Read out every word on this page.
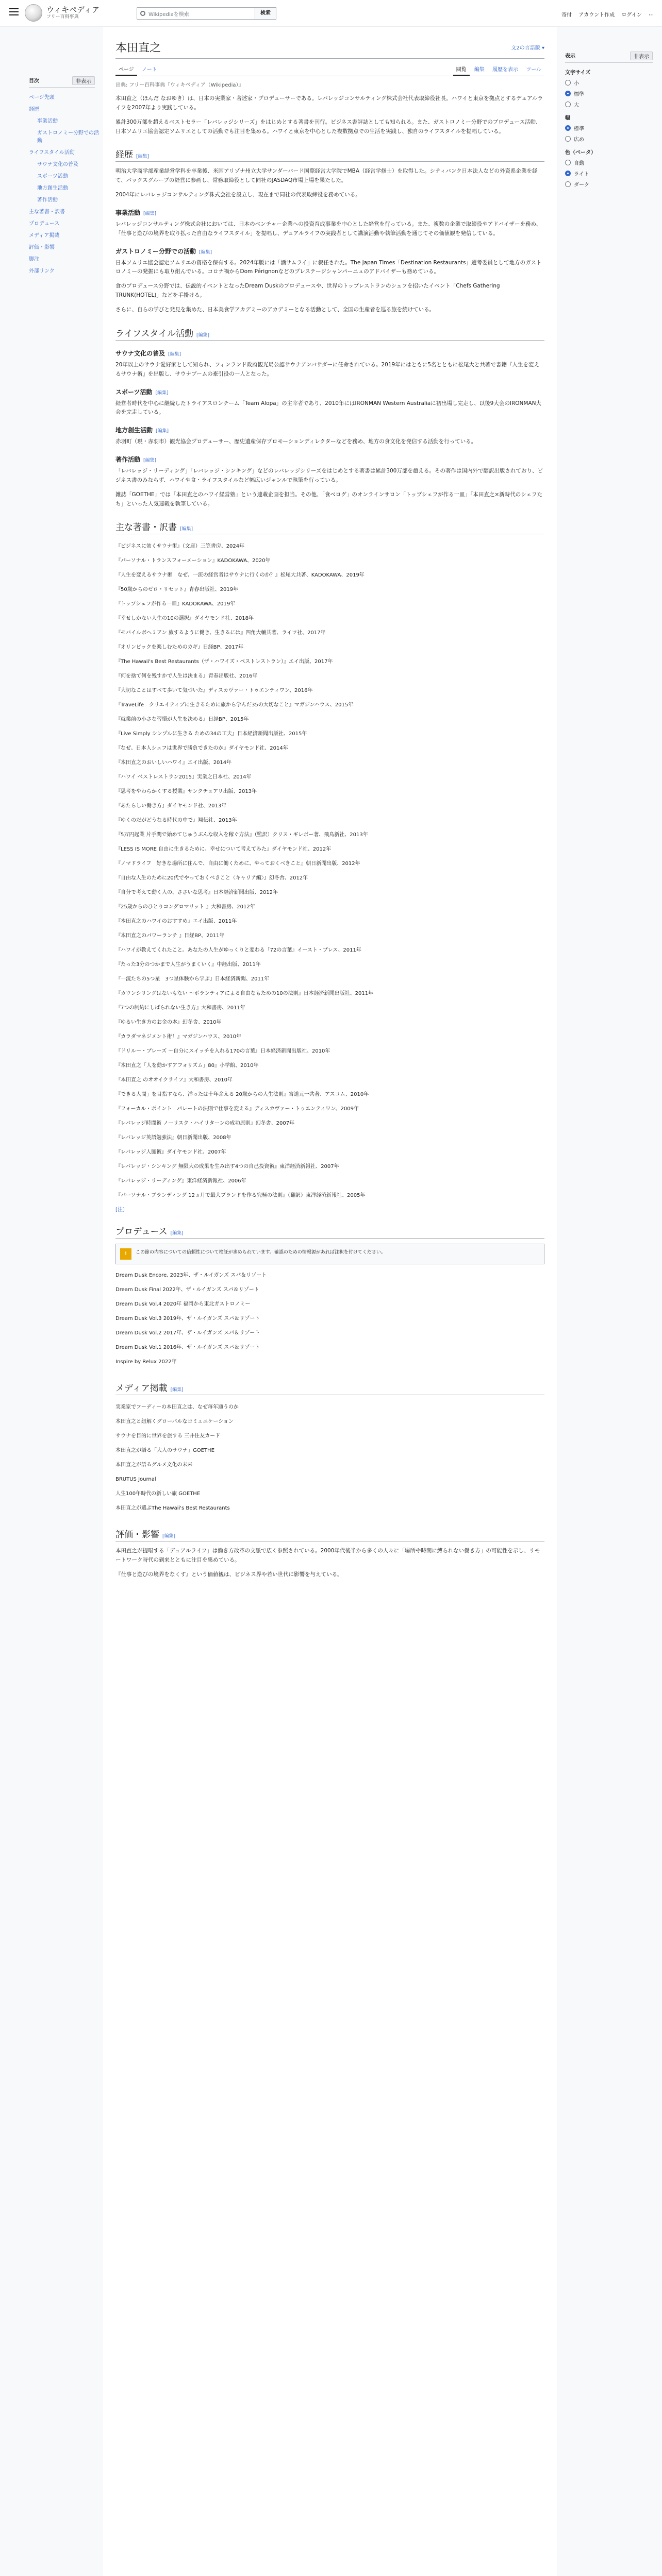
ウィキペディア
フリー百科事典	Wikipediaを検索	検索	寄付 アカウント作成 ログイン ⋯
目次	非表示
ページ先頭
経歴
事業活動
ガストロノミー分野での活動
ライフスタイル活動
サウナ文化の普及
スポーツ活動
地方創生活動
著作活動
主な著書・訳書
プロデュース
メディア掲載
評価・影響
脚注
外部リンク
本田直之	文2の言語版 ▾
ページ ノート	閲覧 編集 履歴を表示 ツール
出典: フリー百科事典『ウィキペディア（Wikipedia）』

本田直之（ほんだ なおゆき）は、日本の実業家・著述家・プロデューサーである。レバレッジコンサルティング株式会社代表取締役社長。ハワイと東京を拠点とするデュアルライフを2007年より実践している。

累計300万部を超えるベストセラー「レバレッジシリーズ」をはじめとする著書を刊行。ビジネス書評誌としても知られる。また、ガストロノミー分野でのプロデュース活動、日本ソムリエ協会認定ソムリエとしての活動でも注目を集める。ハワイと東京を中心とした複数拠点での生活を実践し、独自のライフスタイルを提唱している。

経歴 [編集]

明治大学商学部産業経営学科を卒業後、米国アリゾナ州立大学サンダーバード国際経営大学院でMBA（経営学修士）を取得した。シティバンク日本法人などの外資系企業を経て、バックスグループの経営に参画し、常務取締役として同社のJASDAQ市場上場を果たした。

2004年にレバレッジコンサルティング株式会社を設立し、現在まで同社の代表取締役を務めている。

事業活動 [編集]

レバレッジコンサルティング株式会社においては、日本のベンチャー企業への投資育成事業を中心とした経営を行っている。また、複数の企業で取締役やアドバイザーを務め、「仕事と遊びの境界を取り払った自由なライフスタイル」を提唱し、デュアルライフの実践者として講演活動や執筆活動を通じてその価値観を発信している。

ガストロノミー分野での活動 [編集]

日本ソムリエ協会認定ソムリエの資格を保有する。2024年版には「酒サムライ」に叙任された。The Japan Times「Destination Restaurants」選考委員として地方のガストロノミーの発掘にも取り組んでいる。コロナ禍からDom Pérignonなどのプレステージシャンパーニュのアドバイザーも務めている。

食のプロデュース分野では、伝説的イベントとなったDream Duskのプロデュースや、世界のトップレストランのシェフを招いたイベント「Chefs Gathering TRUNK(HOTEL)」などを手掛ける。

さらに、自らの学びと発見を集めた、日本美食学アカデミーのアカデミーとなる活動として、全国の生産者を巡る旅を続けている。

ライフスタイル活動 [編集]
サウナ文化の普及 [編集]

20年以上のサウナ愛好家として知られ、フィンランド政府観光局公認サウナアンバサダーに任命されている。2019年にはともに5名とともに松尾大と共著で書籍『人生を変えるサウナ術』を出版し、サウナブームの牽引役の一人となった。

スポーツ活動 [編集]

経営者時代を中心に継続したトライアスロンチーム「Team Alopa」の主宰者であり、2010年にはIRONMAN Western Australiaに初出場し完走し、以後9大会のIRONMAN大会を完走している。

地方創生活動 [編集]

赤羽町（現・赤羽市）観光協会プロデューサー、歴史遺産保存プロモーションディレクターなどを務め、地方の食文化を発信する活動を行っている。

著作活動 [編集]

「レバレッジ・リーディング」「レバレッジ・シンキング」などのレバレッジシリーズをはじめとする著書は累計300万部を超える。その著作は国内外で翻訳出版されており、ビジネス書のみならず、ハワイや食・ライフスタイルなど幅広いジャンルで執筆を行っている。

雑誌「GOETHE」では「本田直之のハワイ経営塾」という連載企画を担当。その他、「食べログ」のオンラインサロン「トップシェフが作る一皿」「本田直之×新時代のシェフたち」といった人気連載を執筆している。

主な著書・訳書 [編集]
『ビジネスに効くサウナ術』（文庫）三笠書房、2024年
『パーソナル・トランスフォーメーション』KADOKAWA、2020年
『人生を変えるサウナ術　なぜ、一流の経営者はサウナに行くのか？』松尾大共著、KADOKAWA、2019年
『50歳からのゼロ・リセット』青春出版社、2019年
『トップシェフが作る一皿』KADOKAWA、2019年
『幸せしかない人生の10の選択』ダイヤモンド社、2018年
『モバイルボヘミアン 旅するように働き、生きるには』四角大輔共著、ライツ社、2017年
『オリンピックを楽しむためのカギ』日経BP、2017年
『The Hawaii's Best Restaurants（ザ・ハワイズ・ベストレストラン）』エイ出版、2017年
『何を捨て何を残すかで人生は決まる』青春出版社、2016年
『大切なことはすべて歩いて気づいた』ディスカヴァー・トゥエンティワン、2016年
『TraveLife　クリエイティブに生きるために旅から学んだ35の大切なこと』マガジンハウス、2015年
『就業前の小さな習慣が人生を決める』日経BP、2015年
『Live Simply シンプルに生きる ための34の工夫』日本経済新聞出版社、2015年
『なぜ、日本人シェフは世界で勝負できたのか』ダイヤモンド社、2014年
『本田直之のおいしいハワイ』エイ出版、2014年
『ハワイ ベストレストラン2015』実業之日本社、2014年
『思考をやわらかくする授業』サンクチュアリ出版、2013年
『あたらしい働き方』ダイヤモンド社、2013年
『ゆくのだがどうなる時代の中で』翔伝社、2013年
『5万円起業 片手間で始めてじゅうぶんな収入を稼ぐ方法』（監訳）クリス・ギレボー著、飛鳥新社、2013年
『LESS IS MORE 自由に生きるために、幸せについて考えてみた』ダイヤモンド社、2012年
『ノマドライフ　好きな場所に住んで、自由に働くために、やっておくべきこと』朝日新聞出版、2012年
『自由な人生のために20代でやっておくべきこと〈キャリア編〉』幻冬舎、2012年
『自分で考えて動く人の、ささいな思考』日本経済新聞出版、2012年
『25歳からのひとりコングロマリット 』大和書房、2012年
『本田直之のハワイのおすすめ』エイ出版、2011年
『本田直之のパワーランチ 』日経BP、2011年
『ハワイが教えてくれたこと。あなたの人生がゆっくりと変わる「72の言葉』イースト・プレス、2011年
『たった3分のつかまで人生がうまくいく』中経出版、2011年
『一流たちの5つ星　3つ星体験から学ぶ』日本経済新聞、2011年
『カウンシリングはないもない ～ボランティアによる自由なもための10の法則』日本経済新聞出版社、2011年
『7つの制約にしばられない生き方』大和書房、2011年
『ゆるい生き方のお金の本』幻冬舎、2010年
『カラダマネジメント術！』マガジンハウス、2010年
『ドリルー・プレーズ ～自分にスイッチを入れる170の言葉』日本経済新聞出版社、2010年
『本田直之「人を動かすアフォリズム」80』小学館、2010年
『本田直之 のオオイクライフ』大和書房、2010年
『できる人間」を目指すなら、洋ったは十年余える 20歳からの人生法則』宮道元一共著、アスコム、2010年
『フォーカル・ポイント　パレートの法則で仕事を変える』ディスカヴァー・トゥエンティワン、2009年
『レバレッジ時間術 ノーリスク・ハイリターンの成功原則』幻冬舎、2007年
『レバレッジ英語勉強法』朝日新聞出版、2008年
『レバレッジ人脈術』ダイヤモンド社、2007年
『レバレッジ・シンキング 無限大の成果を生み出す4つの自己投資術』東洋経済新報社、2007年
『レバレッジ・リーディング』東洋経済新報社、2006年
『パーソナル・ブランディング 12ヵ月で最大ブランドを作る究極の法則』（翻訳）東洋経済新報社、2005年
[注]
プロデュース [編集]
!	この節の内容についての信頼性について検証が求められています。確認のための情報源があれば注釈を付けてください。
Dream Dusk Encore, 2023年、ザ・ルイガンズ スパ＆リゾート
Dream Dusk Final 2022年、ザ・ルイガンズ スパ＆リゾート
Dream Dusk Vol.4 2020年 福岡から東北ガストロノミー
Dream Dusk Vol.3 2019年、ザ・ルイガンズ スパ＆リゾート
Dream Dusk Vol.2 2017年、ザ・ルイガンズ スパ＆リゾート
Dream Dusk Vol.1 2016年、ザ・ルイガンズ スパ＆リゾート
Inspire by Relux 2022年
メディア掲載 [編集]
実業家でフーディーの本田直之は、なぜ毎年通うのか
本田直之と紐解くグローバルなコミュニケーション
サウナを目的に世界を旅する 三井住友カード
本田直之が語る「大人のサウナ」GOETHE
本田直之が語るグルメ文化の未来
BRUTUS Journal
人生100年時代の新しい旅 GOETHE
本田直之が選ぶThe Hawaii's Best Restaurants
評価・影響 [編集]

本田直之が提唱する「デュアルライフ」は働き方改革の文脈で広く参照されている。2000年代後半から多くの人々に「場所や時間に縛られない働き方」の可能性を示し、リモートワーク時代の到来とともに注目を集めている。

『仕事と遊びの境界をなくす』という価値観は、ビジネス界や若い世代に影響を与えている。

表示	非表示
文字サイズ
小
標準
大
幅
標準
広め
色（ベータ）
自動
ライト
ダーク
